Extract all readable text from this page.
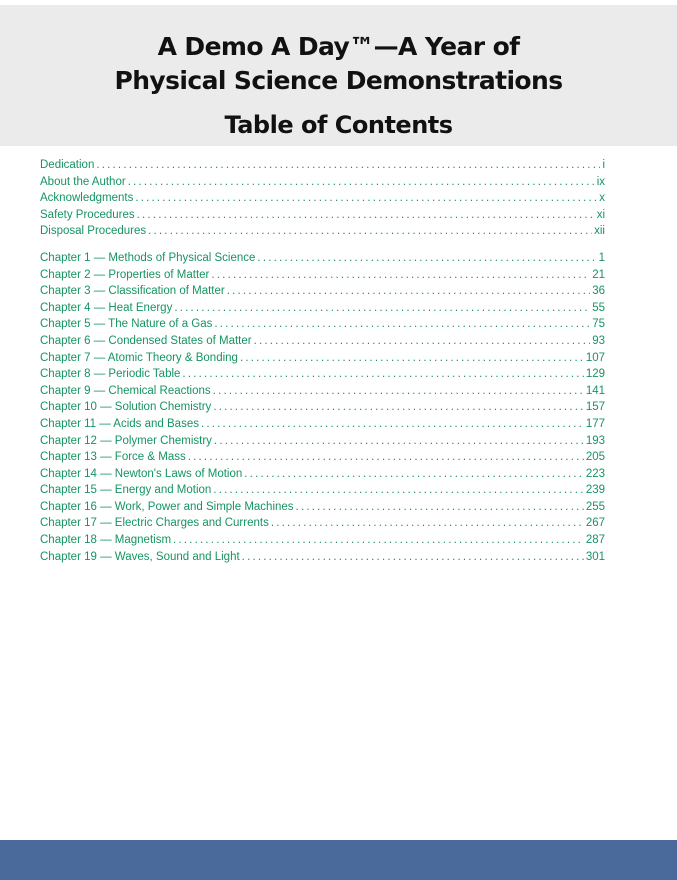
A Demo A Day™—A Year of
Physical Science Demonstrations
Table of Contents
Dedication .....	i
About the Author .....	ix
Acknowledgments .....	x
Safety Procedures .....	xi
Disposal Procedures .....	xii
Chapter 1 — Methods of Physical Science .....	1
Chapter 2 — Properties of Matter .....	21
Chapter 3 — Classification of Matter .....	36
Chapter 4 — Heat Energy .....	55
Chapter 5 — The Nature of a Gas .....	75
Chapter 6 — Condensed States of Matter .....	93
Chapter 7 — Atomic Theory & Bonding .....	107
Chapter 8 — Periodic Table .....	129
Chapter 9 — Chemical Reactions .....	141
Chapter 10 — Solution Chemistry .....	157
Chapter 11 — Acids and Bases .....	177
Chapter 12 — Polymer Chemistry .....	193
Chapter 13 — Force & Mass .....	205
Chapter 14 — Newton's Laws of Motion .....	223
Chapter 15 — Energy and Motion .....	239
Chapter 16 — Work, Power and Simple Machines .....	255
Chapter 17 — Electric Charges and Currents .....	267
Chapter 18 — Magnetism .....	287
Chapter 19 — Waves, Sound and Light .....	301
